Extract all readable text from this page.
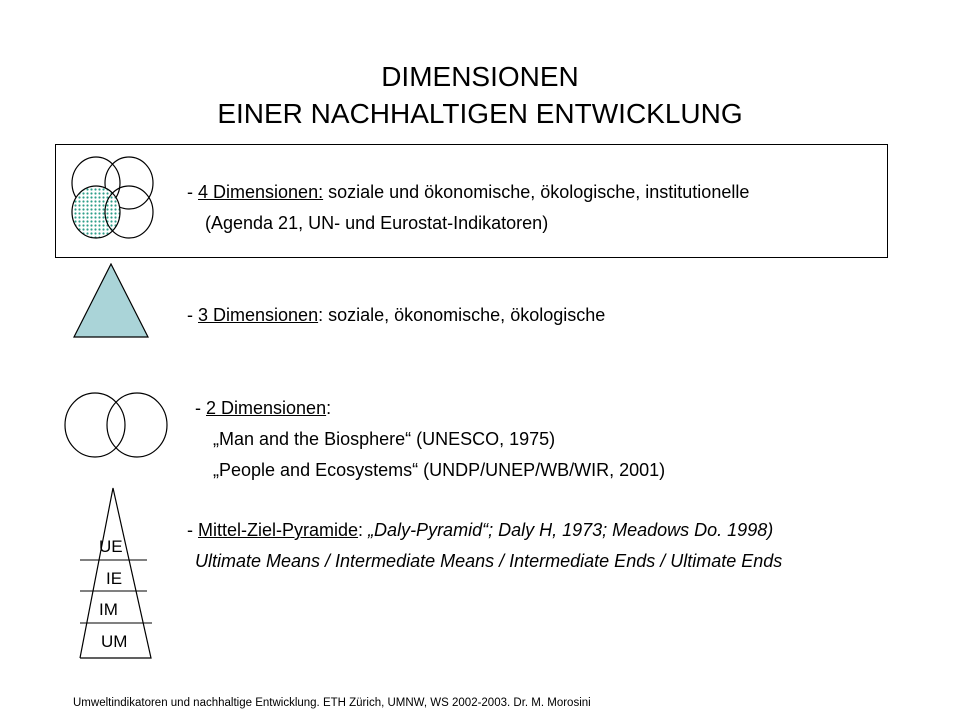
DIMENSIONEN
EINER NACHHALTIGEN ENTWICKLUNG
- 4 Dimensionen: soziale und ökonomische, ökologische, institutionelle
(Agenda 21, UN- und Eurostat-Indikatoren)
- 3 Dimensionen: soziale, ökonomische, ökologische
- 2 Dimensionen:
„Man and the Biosphere“ (UNESCO, 1975)
„People and Ecosystems“ (UNDP/UNEP/WB/WIR, 2001)
UE
IE
IM
UM
- Mittel-Ziel-Pyramide: „Daly-Pyramid“; Daly H, 1973; Meadows Do. 1998)
Ultimate Means / Intermediate Means / Intermediate Ends / Ultimate Ends
Umweltindikatoren und nachhaltige Entwicklung. ETH Zürich, UMNW, WS 2002-2003. Dr. M. Morosini
